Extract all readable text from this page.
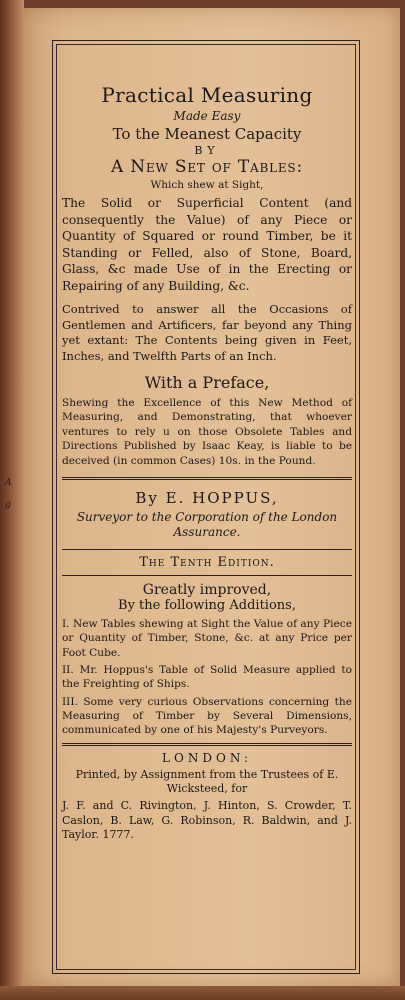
A
g
Practical Measuring
Made Easy
To the Meanest Capacity
BY
A New Set of Tables:
Which shew at Sight,
The Solid or Superficial Content (and consequently the Value) of any Piece or Quantity of Squared or round Timber, be it Standing or Felled, also of Stone, Board, Glass, &c made Use of in the Erecting or Repairing of any Building, &c.
Contrived to answer all the Occasions of Gentlemen and Artificers, far beyond any Thing yet extant: The Contents being given in Feet, Inches, and Twelfth Parts of an Inch.
With a Preface,
Shewing the Excellence of this New Method of Measuring, and Demonstrating, that whoever ventures to rely u on those Obsolete Tables and Directions Published by Isaac Keay, is liable to be deceived (in common Cases) 10s. in the Pound.
By E. HOPPUS,
Surveyor to the Corporation of the London Assurance.
The Tenth Edition.
Greatly improved,
By the following Additions,
I. New Tables shewing at Sight the Value of any Piece or Quantity of Timber, Stone, &c. at any Price per Foot Cube.
II. Mr. Hoppus's Table of Solid Measure applied to the Freighting of Ships.
III. Some very curious Observations concerning the Measuring of Timber by Several Dimensions, communicated by one of his Majesty's Purveyors.
LONDON:
Printed, by Assignment from the Trustees of E. Wicksteed, for
J. F. and C. Rivington, J. Hinton, S. Crowder, T. Caslon, B. Law, G. Robinson, R. Baldwin, and J. Taylor. 1777.
